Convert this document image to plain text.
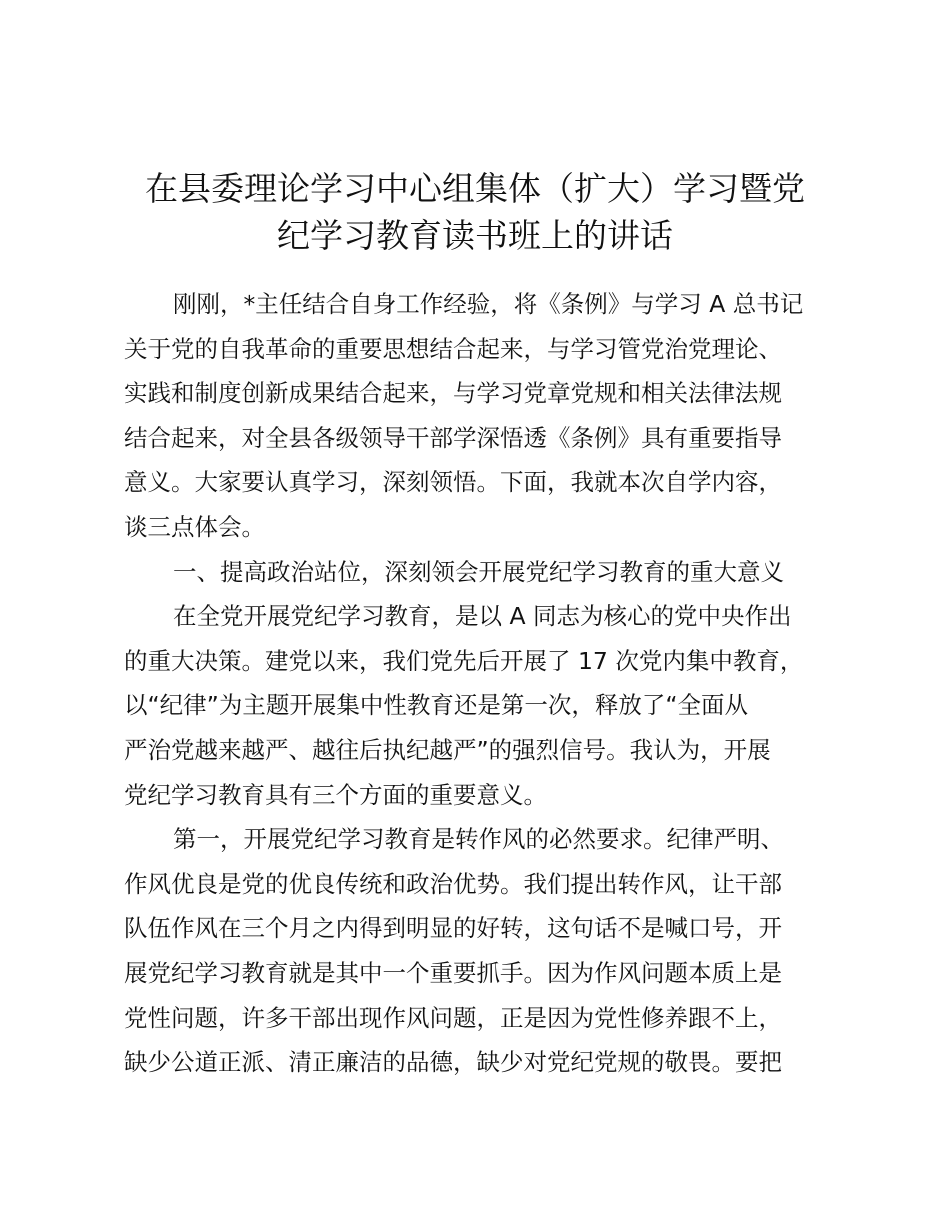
在县委理论学习中心组集体（扩大）学习暨党
纪学习教育读书班上的讲话

刚刚，*主任结合自身工作经验，将《条例》与学习 A 总书记
关于党的自我革命的重要思想结合起来，与学习管党治党理论、
实践和制度创新成果结合起来，与学习党章党规和相关法律法规
结合起来，对全县各级领导干部学深悟透《条例》具有重要指导
意义。大家要认真学习，深刻领悟。下面，我就本次自学内容，
谈三点体会。

一、提高政治站位，深刻领会开展党纪学习教育的重大意义

在全党开展党纪学习教育，是以 A 同志为核心的党中央作出
的重大决策。建党以来，我们党先后开展了 17 次党内集中教育，
以“纪律”为主题开展集中性教育还是第一次，释放了“全面从
严治党越来越严、越往后执纪越严”的强烈信号。我认为，开展
党纪学习教育具有三个方面的重要意义。

第一，开展党纪学习教育是转作风的必然要求。纪律严明、
作风优良是党的优良传统和政治优势。我们提出转作风，让干部
队伍作风在三个月之内得到明显的好转，这句话不是喊口号，开
展党纪学习教育就是其中一个重要抓手。因为作风问题本质上是
党性问题，许多干部出现作风问题，正是因为党性修养跟不上，
缺少公道正派、清正廉洁的品德，缺少对党纪党规的敬畏。要把
